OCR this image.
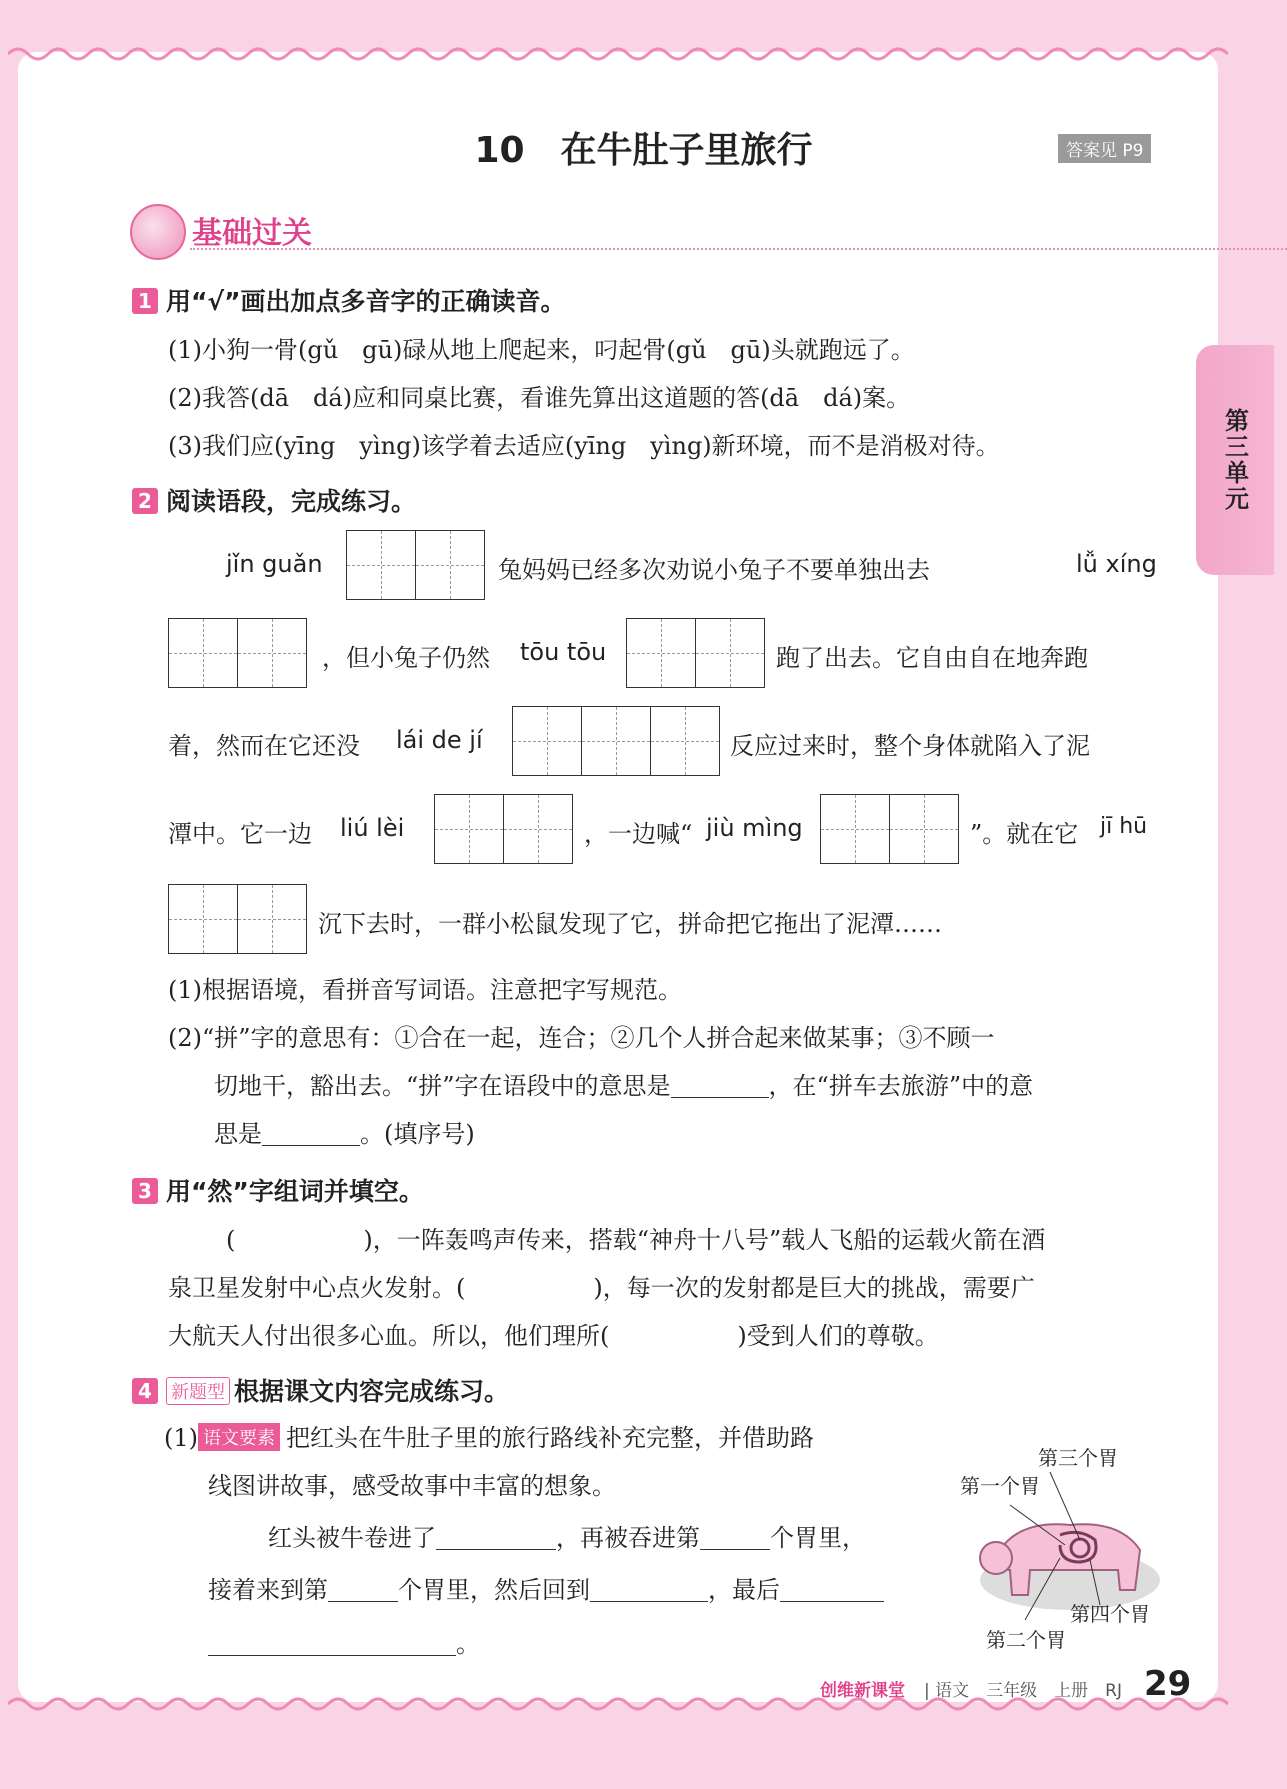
第三单元
10　在牛肚子里旅行	答案见 P9
基础过关
1 用“√”画出加点多音字的正确读音。
(1)小狗一骨(gǔ　gū)碌从地上爬起来，叼起骨(gǔ　gū)头就跑远了。
(2)我答(dā　dá)应和同桌比赛，看谁先算出这道题的答(dā　dá)案。
(3)我们应(yīng　yìng)该学着去适应(yīng　yìng)新环境，而不是消极对待。
2 阅读语段，完成练习。
jǐn guǎn	兔妈妈已经多次劝说小兔子不要单独出去	lǚ xíng
，但小兔子仍然 tōu tōu	跑了出去。它自由自在地奔跑
着，然而在它还没 lái de jí	反应过来时，整个身体就陷入了泥
潭中。它一边 liú lèi	，一边喊“ jiù mìng	”。就在它 jī hū
沉下去时，一群小松鼠发现了它，拼命把它拖出了泥潭……
(1)根据语境，看拼音写词语。注意把字写规范。
(2)“拼”字的意思有：①合在一起，连合；②几个人拼合起来做某事；③不顾一
切地干，豁出去。“拼”字在语段中的意思是	，在“拼车去旅游”中的意
思是	。(填序号)
3 用“然”字组词并填空。
(	)，一阵轰鸣声传来，搭载“神舟十八号”载人飞船的运载火箭在酒
泉卫星发射中心点火发射。(	)，每一次的发射都是巨大的挑战，需要广
大航天人付出很多心血。所以，他们理所(	)受到人们的尊敬。
4 新题型 根据课文内容完成练习。
(1) 语文要素 把红头在牛肚子里的旅行路线补充完整，并借助路
线图讲故事，感受故事中丰富的想象。
红头被牛卷进了	，再被吞进第	个胃里，
接着来到第	个胃里，然后回到	，最后
。
第三个胃
第一个胃
第四个胃
第二个胃
创维新课堂 | 语文　三年级　上册　RJ 29
